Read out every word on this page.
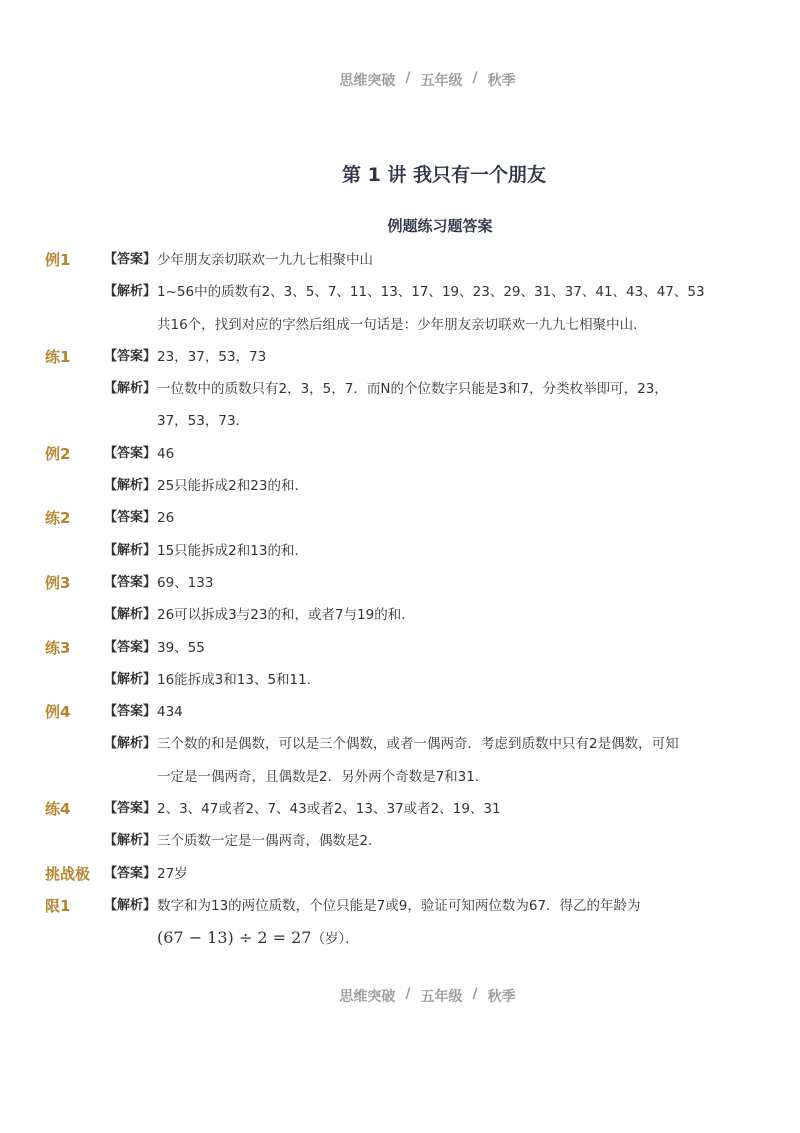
思维突破 / 五年级 / 秋季
第 1 讲 我只有一个朋友
例题练习题答案
例1	【答案】 少年朋友亲切联欢一九九七相聚中山
【解析】 1~56中的质数有2、3、5、7、11、13、17、19、23、29、31、37、41、43、47、53
共16个，找到对应的字然后组成一句话是：少年朋友亲切联欢一九九七相聚中山.
练1	【答案】 23，37，53，73
【解析】 一位数中的质数只有2，3，5，7．而N的个位数字只能是3和7，分类枚举即可，23，
37，53，73．
例2	【答案】 46
【解析】 25只能拆成2和23的和．
练2	【答案】 26
【解析】 15只能拆成2和13的和．
例3	【答案】 69、133
【解析】 26可以拆成3与23的和，或者7与19的和．
练3	【答案】 39、55
【解析】 16能拆成3和13、5和11．
例4	【答案】 434
【解析】 三个数的和是偶数，可以是三个偶数，或者一偶两奇．考虑到质数中只有2是偶数，可知
一定是一偶两奇，且偶数是2．另外两个奇数是7和31．
练4	【答案】 2、3、47或者2、7、43或者2、13、37或者2、19、31
【解析】 三个质数一定是一偶两奇，偶数是2．
挑战极 【答案】 27岁
限1	【解析】 数字和为13的两位质数，个位只能是7或9，验证可知两位数为67．得乙的年龄为
(67 − 13) ÷ 2 = 27（岁）．
思维突破 / 五年级 / 秋季
